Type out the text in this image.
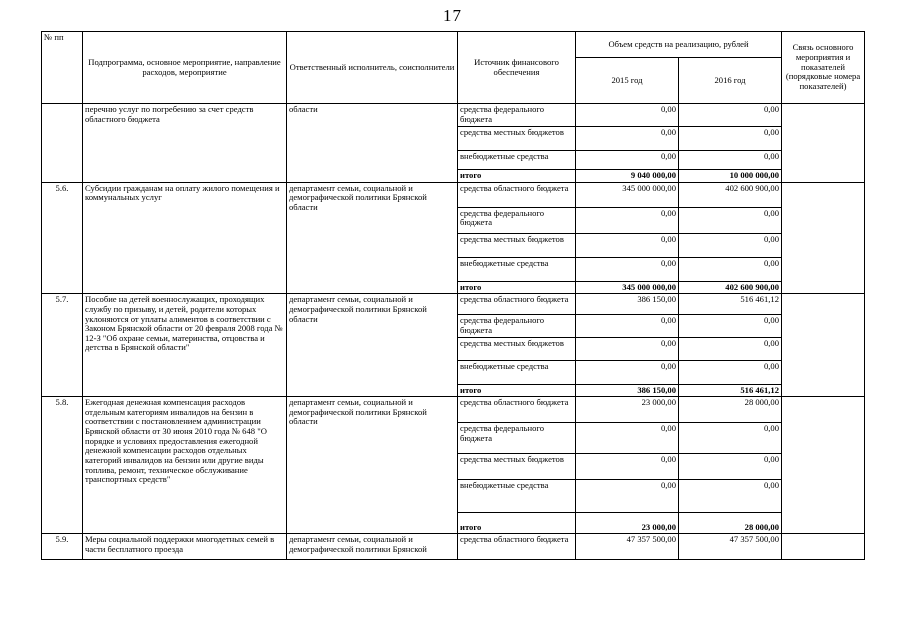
17
№ пп	Подпрограмма, основное мероприятие, направление расходов, мероприятие	Ответственный исполнитель, соисполнители	Источник финансового обеспечения	Объем средств на реализацию, рублей		Связь основного мероприятия и показателей (порядковые номера показателей)
				2015 год	2016 год	
	перечню услуг по погребению за счет средств областного бюджета	области	средства федерального бюджета	0,00	0,00	
			средства местных бюджетов	0,00	0,00	
			внебюджетные средства	0,00	0,00	
			итого	9 040 000,00	10 000 000,00	
5.6.	Субсидии гражданам на оплату жилого помещения и коммунальных услуг	департамент семьи, социальной и демографической политики Брянской области	средства областного бюджета	345 000 000,00	402 600 900,00	
			средства федерального бюджета	0,00	0,00	
			средства местных бюджетов	0,00	0,00	
			внебюджетные средства	0,00	0,00	
			итого	345 000 000,00	402 600 900,00	
5.7.	Пособие на детей военнослужащих, проходящих службу по призыву, и детей, родители которых уклоняются от уплаты алиментов в соответствии с Законом Брянской области от 20 февраля 2008 года № 12-З "Об охране семьи, материнства, отцовства и детства в Брянской области"	департамент семьи, социальной и демографической политики Брянской области	средства областного бюджета	386 150,00	516 461,12	
			средства федерального бюджета	0,00	0,00	
			средства местных бюджетов	0,00	0,00	
			внебюджетные средства	0,00	0,00	
			итого	386 150,00	516 461,12	
5.8.	Ежегодная денежная компенсация расходов отдельным категориям инвалидов на бензин в соответствии с постановлением администрации Брянской области от 30 июня 2010 года № 648 "О порядке и условиях предоставления ежегодной денежной компенсации расходов отдельных категорий инвалидов на бензин или другие виды топлива, ремонт, техническое обслуживание транспортных средств"	департамент семьи, социальной и демографической политики Брянской области	средства областного бюджета	23 000,00	28 000,00	
			средства федерального бюджета	0,00	0,00	
			средства местных бюджетов	0,00	0,00	
			внебюджетные средства	0,00	0,00	
			итого	23 000,00	28 000,00	
5.9.	Меры социальной поддержки многодетных семей в части бесплатного проезда	департамент семьи, социальной и демографической политики Брянской	средства областного бюджета	47 357 500,00	47 357 500,00	
